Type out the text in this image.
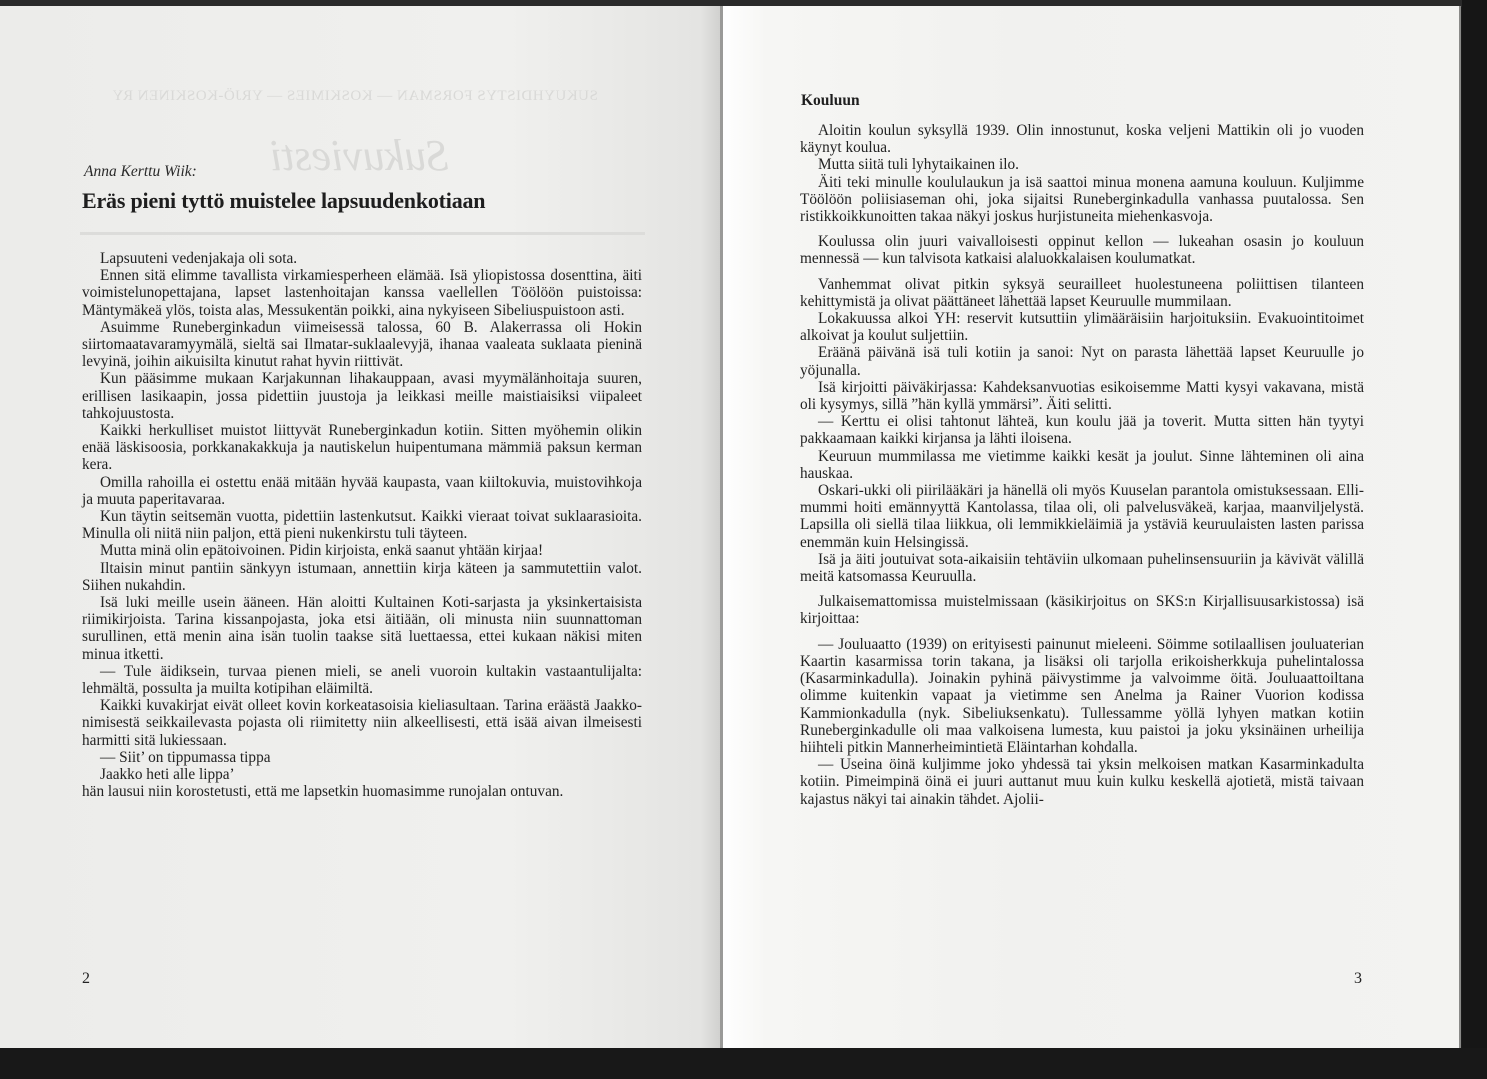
SUKUYHDISTYS FORSMAN — KOSKIMIES — YRJÖ-KOSKINEN RY
Sukuviesti
Anna Kerttu Wiik:
Eräs pieni tyttö muistelee lapsuudenkotiaan

Lapsuuteni vedenjakaja oli sota.

Ennen sitä elimme tavallista virkamiesperheen elämää. Isä yliopistossa dosenttina, äiti voimistelunopettajana, lapset lastenhoitajan kanssa vaellellen Töölöön puistoissa: Mäntymäkeä ylös, toista alas, Messukentän poikki, aina nykyiseen Sibeliuspuistoon asti.

Asuimme Runeberginkadun viimeisessä talossa, 60 B. Alakerrassa oli Hokin siirtomaatavaramyymälä, sieltä sai Ilmatar-suklaalevyjä, ihanaa vaaleata suklaata pieninä levyinä, joihin aikuisilta kinutut rahat hyvin riittivät.

Kun pääsimme mukaan Karjakunnan lihakauppaan, avasi myymälänhoitaja suuren, erillisen lasikaapin, jossa pidettiin juustoja ja leikkasi meille maistiaisiksi viipaleet tahkojuustosta.

Kaikki herkulliset muistot liittyvät Runeberginkadun kotiin. Sitten myöhemin olikin enää läskisoosia, porkkanakakkuja ja nautiskelun huipentumana mämmiä paksun kerman kera.

Omilla rahoilla ei ostettu enää mitään hyvää kaupasta, vaan kiiltokuvia, muistovihkoja ja muuta paperitavaraa.

Kun täytin seitsemän vuotta, pidettiin lastenkutsut. Kaikki vieraat toivat suklaarasioita. Minulla oli niitä niin paljon, että pieni nukenkirstu tuli täyteen.

Mutta minä olin epätoivoinen. Pidin kirjoista, enkä saanut yhtään kirjaa!

Iltaisin minut pantiin sänkyyn istumaan, annettiin kirja käteen ja sammutettiin valot. Siihen nukahdin.

Isä luki meille usein ääneen. Hän aloitti Kultainen Koti-sarjasta ja yksinkertaisista riimikirjoista. Tarina kissanpojasta, joka etsi äitiään, oli minusta niin suunnattoman surullinen, että menin aina isän tuolin taakse sitä luettaessa, ettei kukaan näkisi miten minua itketti.

— Tule äidiksein, turvaa pienen mieli, se aneli vuoroin kultakin vastaantulijalta: lehmältä, possulta ja muilta kotipihan eläimiltä.

Kaikki kuvakirjat eivät olleet kovin korkeatasoisia kieliasultaan. Tarina eräästä Jaakko-nimisestä seikkailevasta pojasta oli riimitetty niin alkeellisesti, että isää aivan ilmeisesti harmitti sitä lukiessaan.

— Siit’ on tippumassa tippa

Jaakko heti alle lippa’

hän lausui niin korostetusti, että me lapsetkin huomasimme runojalan ontuvan.

2
Kouluun

Aloitin koulun syksyllä 1939. Olin innostunut, koska veljeni Mattikin oli jo vuoden käynyt koulua.

Mutta siitä tuli lyhytaikainen ilo.

Äiti teki minulle koululaukun ja isä saattoi minua monena aamuna kouluun. Kuljimme Töölöön poliisiaseman ohi, joka sijaitsi Runeberginkadulla vanhassa puutalossa. Sen ristikkoikkunoitten takaa näkyi joskus hurjistuneita miehenkasvoja.

Koulussa olin juuri vaivalloisesti oppinut kellon — lukeahan osasin jo kouluun mennessä — kun talvisota katkaisi alaluokkalaisen koulumatkat.

Vanhemmat olivat pitkin syksyä seurailleet huolestuneena poliittisen tilanteen kehittymistä ja olivat päättäneet lähettää lapset Keuruulle mummilaan.

Lokakuussa alkoi YH: reservit kutsuttiin ylimääräisiin harjoituksiin. Evakuointitoimet alkoivat ja koulut suljettiin.

Eräänä päivänä isä tuli kotiin ja sanoi: Nyt on parasta lähettää lapset Keuruulle jo yöjunalla.

Isä kirjoitti päiväkirjassa: Kahdeksanvuotias esikoisemme Matti kysyi vakavana, mistä oli kysymys, sillä ”hän kyllä ymmärsi”. Äiti selitti.

— Kerttu ei olisi tahtonut lähteä, kun koulu jää ja toverit. Mutta sitten hän tyytyi pakkaamaan kaikki kirjansa ja lähti iloisena.

Keuruun mummilassa me vietimme kaikki kesät ja joulut. Sinne lähteminen oli aina hauskaa.

Oskari-ukki oli piirilääkäri ja hänellä oli myös Kuuselan parantola omistuksessaan. Elli-mummi hoiti emännyyttä Kantolassa, tilaa oli, oli palvelusväkeä, karjaa, maanviljelystä. Lapsilla oli siellä tilaa liikkua, oli lemmikkieläimiä ja ystäviä keuruulaisten lasten parissa enemmän kuin Helsingissä.

Isä ja äiti joutuivat sota-aikaisiin tehtäviin ulkomaan puhelinsensuuriin ja kävivät välillä meitä katsomassa Keuruulla.

Julkaisemattomissa muistelmissaan (käsikirjoitus on SKS:n Kirjallisuusarkistossa) isä kirjoittaa:

— Jouluaatto (1939) on erityisesti painunut mieleeni. Söimme sotilaallisen jouluaterian Kaartin kasarmissa torin takana, ja lisäksi oli tarjolla erikoisherkkuja puhelintalossa (Kasarminkadulla). Joinakin pyhinä päivystimme ja valvoimme öitä. Jouluaattoiltana olimme kuitenkin vapaat ja vietimme sen Anelma ja Rainer Vuorion kodissa Kammionkadulla (nyk. Sibeliuksenkatu). Tullessamme yöllä lyhyen matkan kotiin Runeberginkadulle oli maa valkoisena lumesta, kuu paistoi ja joku yksinäinen urheilija hiihteli pitkin Mannerheimintietä Eläintarhan kohdalla.

— Useina öinä kuljimme joko yhdessä tai yksin melkoisen matkan Kasarminkadulta kotiin. Pimeimpinä öinä ei juuri auttanut muu kuin kulku keskellä ajotietä, mistä taivaan kajastus näkyi tai ainakin tähdet. Ajolii-

3
